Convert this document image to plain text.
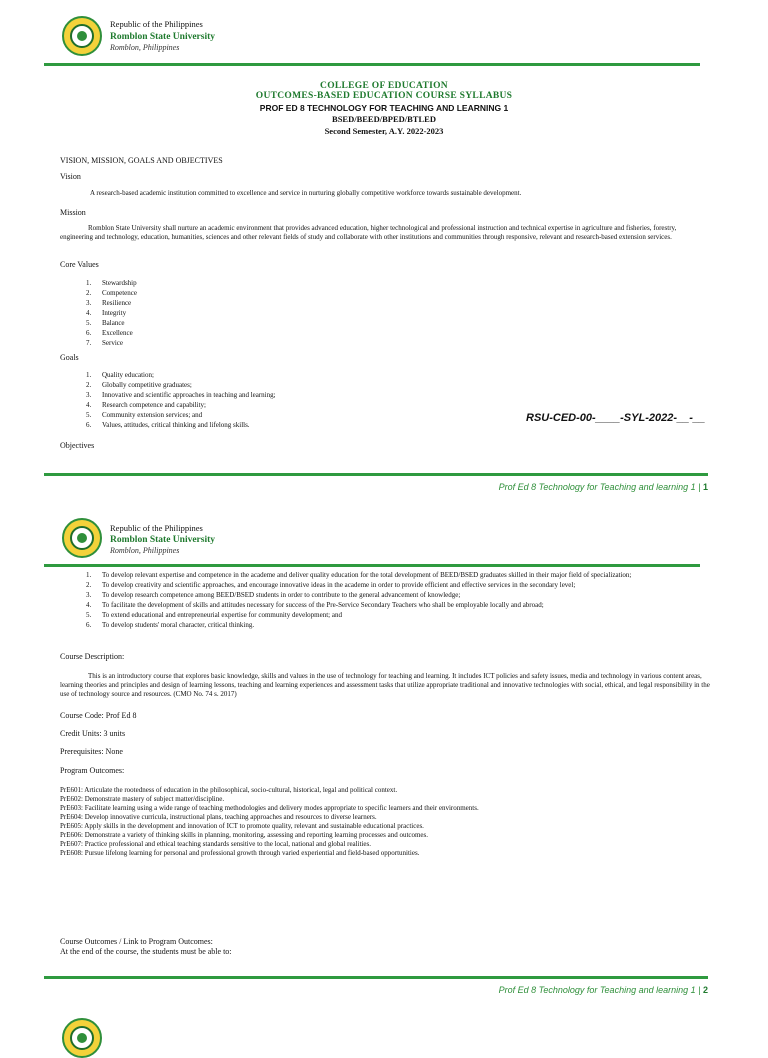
Republic of the Philippines
Romblon State University
Romblon, Philippines
COLLEGE OF EDUCATION
OUTCOMES-BASED EDUCATION COURSE SYLLABUS
PROF ED 8 TECHNOLOGY FOR TEACHING AND LEARNING 1
BSED/BEED/BPED/BTLED
Second Semester, A.Y. 2022-2023
VISION, MISSION, GOALS AND OBJECTIVES
Vision
A research-based academic institution committed to excellence and service in nurturing globally competitive workforce towards sustainable development.
Mission
Romblon State University shall nurture an academic environment that provides advanced education, higher technological and professional instruction and technical expertise in agriculture and fisheries, forestry, engineering and technology, education, humanities, sciences and other relevant fields of study and collaborate with other institutions and communities through responsive, relevant and research-based extension services.
Core Values
1. Stewardship
2. Competence
3. Resilience
4. Integrity
5. Balance
6. Excellence
7. Service
Goals
1. Quality education;
2. Globally competitive graduates;
3. Innovative and scientific approaches in teaching and learning;
4. Research competence and capability;
5. Community extension services; and
6. Values, attitudes, critical thinking and lifelong skills.
RSU-CED-00-____-SYL-2022-__-__
Objectives
Prof Ed 8 Technology for Teaching and learning 1 | 1
Republic of the Philippines
Romblon State University
Romblon, Philippines
1. To develop relevant expertise and competence in the academe and deliver quality education for the total development of BEED/BSED graduates skilled in their major field of specialization;
2. To develop creativity and scientific approaches, and encourage innovative ideas in the academe in order to provide efficient and effective services in the secondary level;
3. To develop research competence among BEED/BSED students in order to contribute to the general advancement of knowledge;
4. To facilitate the development of skills and attitudes necessary for success of the Pre-Service Secondary Teachers who shall be employable locally and abroad;
5. To extend educational and entrepreneurial expertise for community development; and
6. To develop students' moral character, critical thinking.
Course Description:
This is an introductory course that explores basic knowledge, skills and values in the use of technology for teaching and learning. It includes ICT policies and safety issues, media and technology in various content areas, learning theories and principles and design of learning lessons, teaching and learning experiences and assessment tasks that utilize appropriate traditional and innovative technologies with social, ethical, and legal responsibility in the use of technology source and resources. (CMO No. 74 s. 2017)
Course Code: Prof Ed 8
Credit Units: 3 units
Prerequisites: None
Program Outcomes:
PrE601: Articulate the rootedness of education in the philosophical, socio-cultural, historical, legal and political context.
PrE602: Demonstrate mastery of subject matter/discipline.
PrE603: Facilitate learning using a wide range of teaching methodologies and delivery modes appropriate to specific learners and their environments.
PrE604: Develop innovative curricula, instructional plans, teaching approaches and resources to diverse learners.
PrE605: Apply skills in the development and innovation of ICT to promote quality, relevant and sustainable educational practices.
PrE606: Demonstrate a variety of thinking skills in planning, monitoring, assessing and reporting learning processes and outcomes.
PrE607: Practice professional and ethical teaching standards sensitive to the local, national and global realities.
PrE608: Pursue lifelong learning for personal and professional growth through varied experiential and field-based opportunities.
Course Outcomes / Link to Program Outcomes:
At the end of the course, the students must be able to:
Prof Ed 8 Technology for Teaching and learning 1 | 2
